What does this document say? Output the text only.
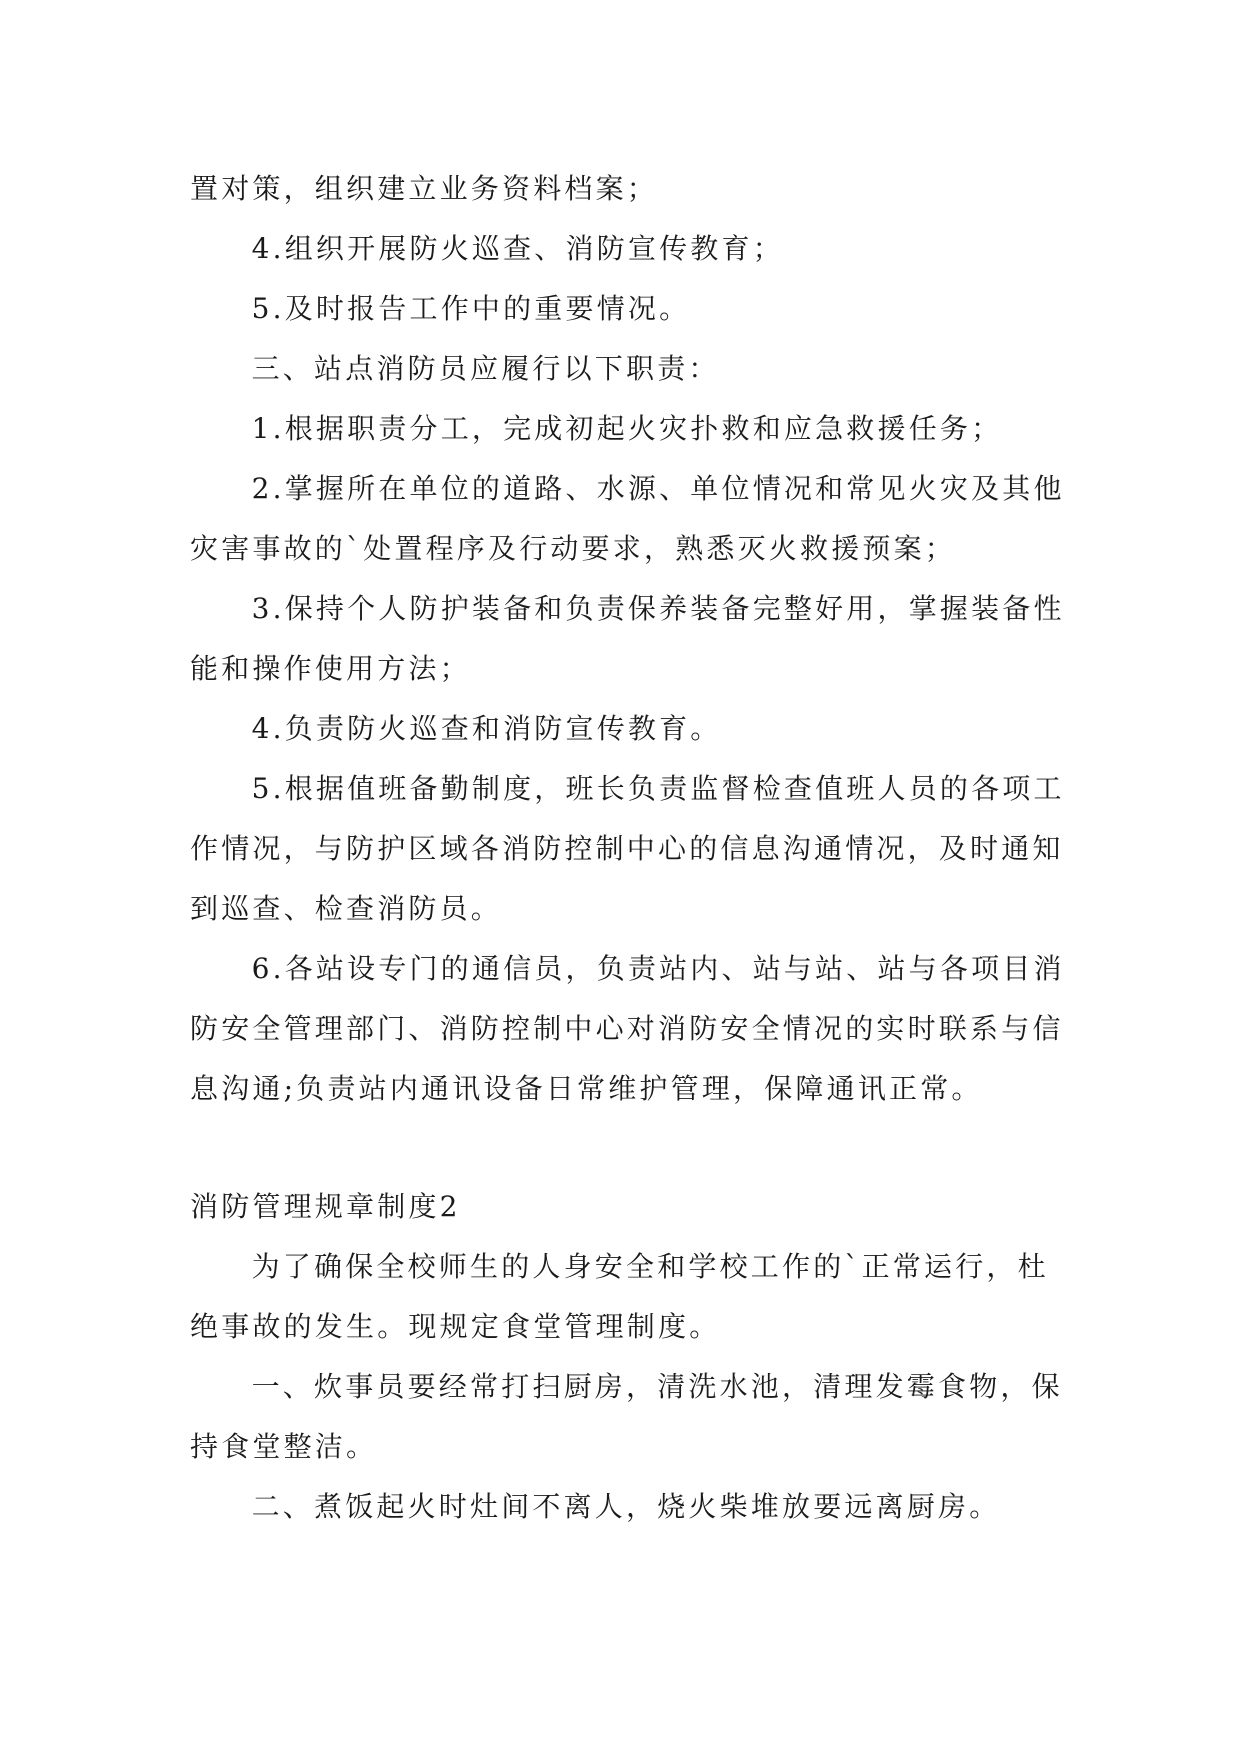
置对策，组织建立业务资料档案；

4.组织开展防火巡查、消防宣传教育；

5.及时报告工作中的重要情况。

三、站点消防员应履行以下职责：

1.根据职责分工，完成初起火灾扑救和应急救援任务；

2.掌握所在单位的道路、水源、单位情况和常见火灾及其他灾害事故的`处置程序及行动要求，熟悉灭火救援预案；

3.保持个人防护装备和负责保养装备完整好用，掌握装备性能和操作使用方法；

4.负责防火巡查和消防宣传教育。

5.根据值班备勤制度，班长负责监督检查值班人员的各项工作情况，与防护区域各消防控制中心的信息沟通情况，及时通知到巡查、检查消防员。

6.各站设专门的通信员，负责站内、站与站、站与各项目消防安全管理部门、消防控制中心对消防安全情况的实时联系与信息沟通;负责站内通讯设备日常维护管理，保障通讯正常。

消防管理规章制度2

为了确保全校师生的人身安全和学校工作的`正常运行，杜绝事故的发生。现规定食堂管理制度。

一、炊事员要经常打扫厨房，清洗水池，清理发霉食物，保持食堂整洁。

二、煮饭起火时灶间不离人，烧火柴堆放要远离厨房。
